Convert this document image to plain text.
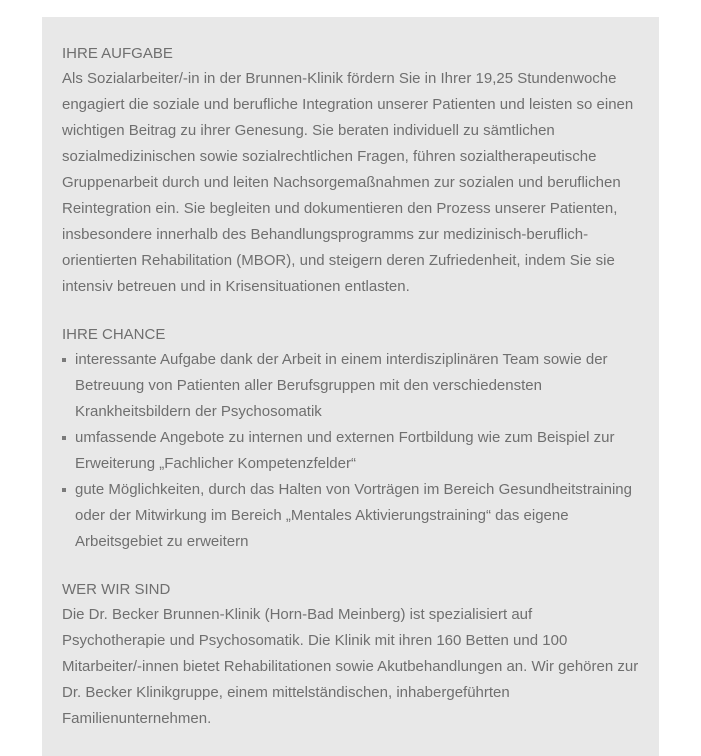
IHRE AUFGABE

Als Sozialarbeiter/-in in der Brunnen-Klinik fördern Sie in Ihrer 19,25 Stundenwoche engagiert die soziale und berufliche Integration unserer Patienten und leisten so einen wichtigen Beitrag zu ihrer Genesung. Sie beraten individuell zu sämtlichen sozialmedizinischen sowie sozialrechtlichen Fragen, führen sozialtherapeutische Gruppenarbeit durch und leiten Nachsorgemaßnahmen zur sozialen und beruflichen Reintegration ein. Sie begleiten und dokumentieren den Prozess unserer Patienten, insbesondere innerhalb des Behandlungsprogramms zur medizinisch-beruflich-orientierten Rehabilitation (MBOR), und steigern deren Zufriedenheit, indem Sie sie intensiv betreuen und in Krisensituationen entlasten.

IHRE CHANCE
interessante Aufgabe dank der Arbeit in einem interdisziplinären Team sowie der Betreuung von Patienten aller Berufsgruppen mit den verschiedensten Krankheitsbildern der Psychosomatik
umfassende Angebote zu internen und externen Fortbildung wie zum Beispiel zur Erweiterung „Fachlicher Kompetenzfelder“
gute Möglichkeiten, durch das Halten von Vorträgen im Bereich Gesundheitstraining oder der Mitwirkung im Bereich „Mentales Aktivierungstraining“ das eigene Arbeitsgebiet zu erweitern
WER WIR SIND

Die Dr. Becker Brunnen-Klinik (Horn-Bad Meinberg) ist spezialisiert auf Psychotherapie und Psychosomatik. Die Klinik mit ihren 160 Betten und 100 Mitarbeiter/-innen bietet Rehabilitationen sowie Akutbehandlungen an. Wir gehören zur Dr. Becker Klinikgruppe, einem mittelständischen, inhabergeführten Familienunternehmen.
